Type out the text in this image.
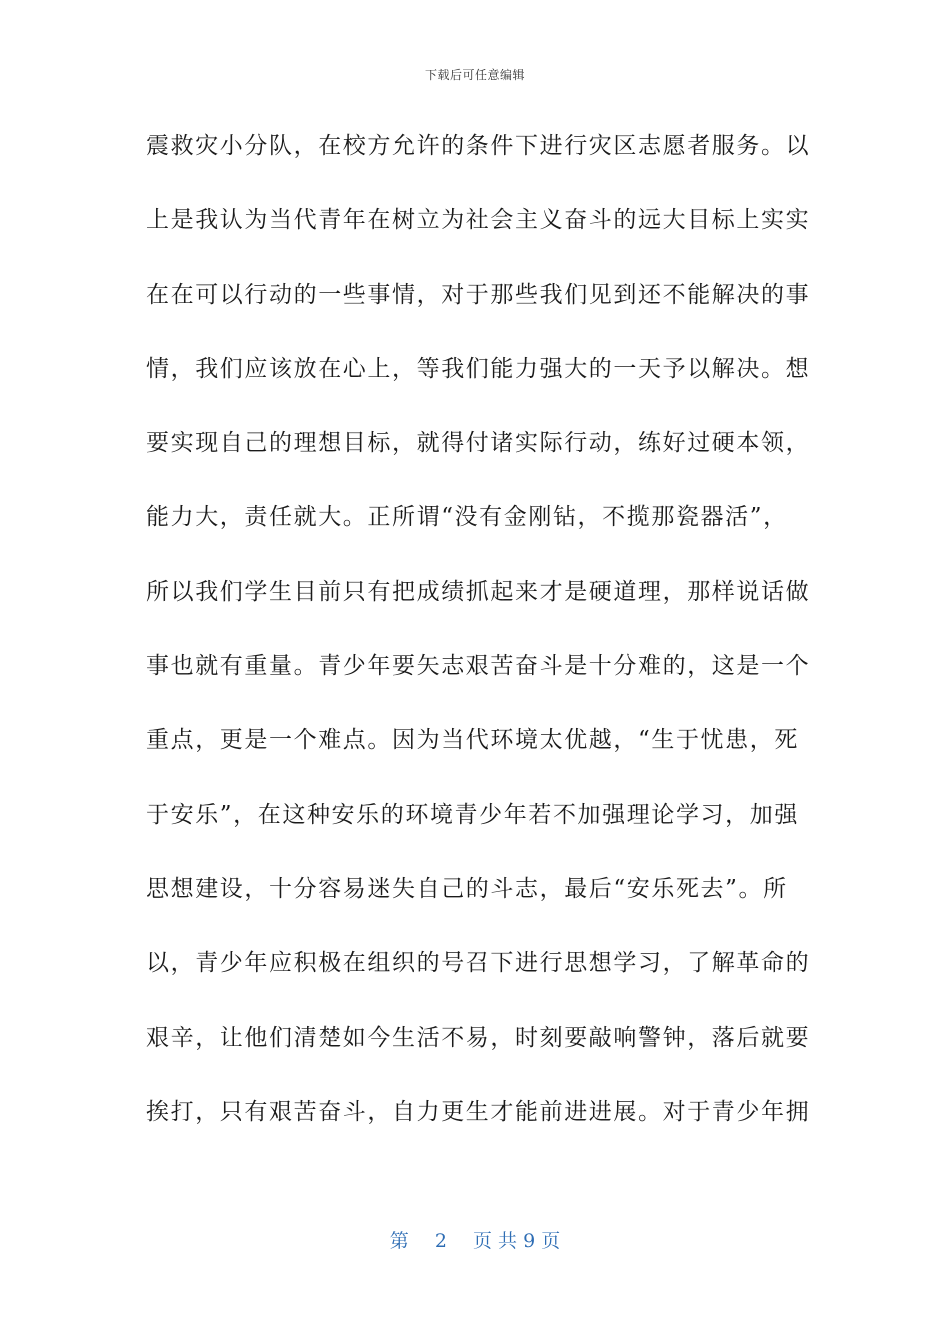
下载后可任意编辑
震救灾小分队，在校方允许的条件下进行灾区志愿者服务。以
上是我认为当代青年在树立为社会主义奋斗的远大目标上实实
在在可以行动的一些事情，对于那些我们见到还不能解决的事
情，我们应该放在心上，等我们能力强大的一天予以解决。想
要实现自己的理想目标，就得付诸实际行动，练好过硬本领，
能力大，责任就大。正所谓“没有金刚钻，不揽那瓷器活”，
所以我们学生目前只有把成绩抓起来才是硬道理，那样说话做
事也就有重量。青少年要矢志艰苦奋斗是十分难的，这是一个
重点，更是一个难点。因为当代环境太优越，“生于忧患，死
于安乐”，在这种安乐的环境青少年若不加强理论学习，加强
思想建设，十分容易迷失自己的斗志，最后“安乐死去”。所
以，青少年应积极在组织的号召下进行思想学习，了解革命的
艰辛，让他们清楚如今生活不易，时刻要敲响警钟，落后就要
挨打，只有艰苦奋斗，自力更生才能前进进展。对于青少年拥
第 2 页 共 9 页
